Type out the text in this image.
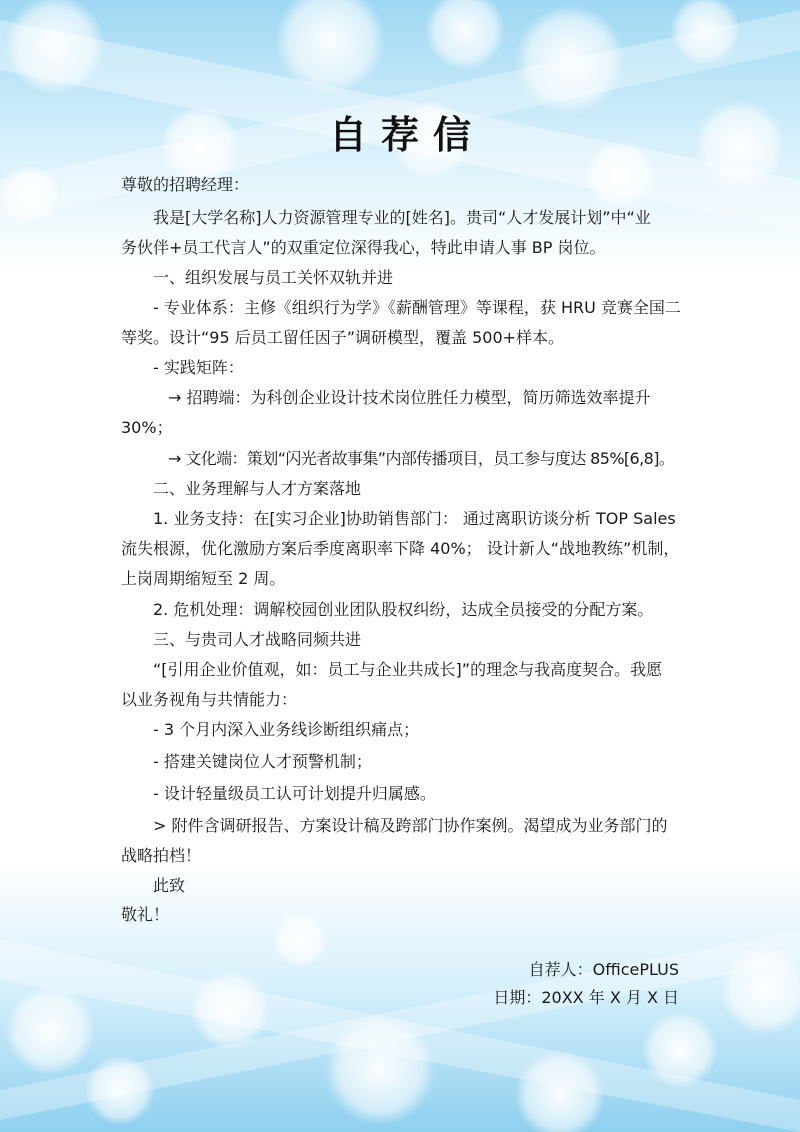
自荐信
尊敬的招聘经理：
我是[大学名称]人力资源管理专业的[姓名]。贵司“人才发展计划”中“业
务伙伴+员工代言人”的双重定位深得我心，特此申请人事 BP 岗位。
一、组织发展与员工关怀双轨并进
- 专业体系：主修《组织行为学》《薪酬管理》等课程，获 HRU 竞赛全国二
等奖。设计“95 后员工留任因子”调研模型，覆盖 500+样本。
- 实践矩阵：
→ 招聘端：为科创企业设计技术岗位胜任力模型，简历筛选效率提升
30%；
→ 文化端：策划“闪光者故事集”内部传播项目，员工参与度达 85%[6,8]。
二、业务理解与人才方案落地
1. 业务支持：在[实习企业]协助销售部门： 通过离职访谈分析 TOP Sales
流失根源，优化激励方案后季度离职率下降 40%； 设计新人“战地教练”机制，
上岗周期缩短至 2 周。
2. 危机处理：调解校园创业团队股权纠纷，达成全员接受的分配方案。
三、与贵司人才战略同频共进
“[引用企业价值观，如：员工与企业共成长]”的理念与我高度契合。我愿
以业务视角与共情能力：
- 3 个月内深入业务线诊断组织痛点；
- 搭建关键岗位人才预警机制；
- 设计轻量级员工认可计划提升归属感。
> 附件含调研报告、方案设计稿及跨部门协作案例。渴望成为业务部门的
战略拍档！
此致
敬礼！
自荐人：OfficePLUS
日期：20XX 年 X 月 X 日
